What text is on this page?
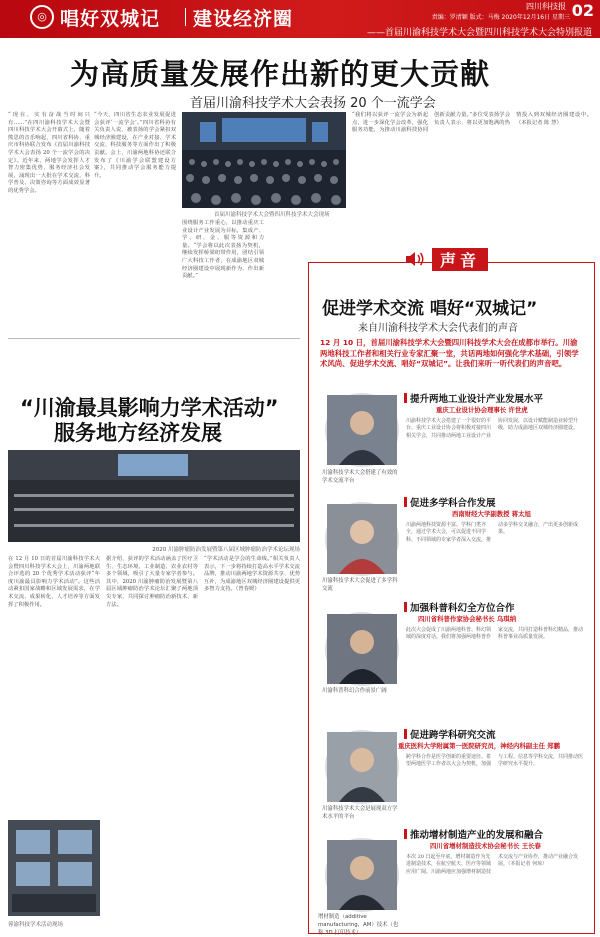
◎ 唱好双城记 建设经济圈
四川科技报 02
责编：罗清颖 版式：马梅 2020年12月16日 星期三
——首届川渝科技学术大会暨四川科技学术大会特别报道
为高质量发展作出新的更大贡献
首届川渝科技学术大会表扬 20 个一流学会
“现在，实有奋战当时间只有……”在四川渝科技学术大会暨四川科技学术大会开幕式上，随着熊思的音乐响起，四川省科协、重庆市科协联合发布《首届川渝科技学术大会表扬 20 个一流学会的决定》。近年来，两地学会发挥人才智力密集优势，服务经济社会发展，涌现出一大批在学术交流、科学普及、决策咨询等方面成效显著的优秀学会。
“今天，四川省生态农业发展促进会获评‘一流学会’。”四川省科协有关负责人说，被表扬的学会紧扣双城经济圈建设，在产业对接、学术交流、科技服务等方面作出了积极贡献。会上，川渝两地科协还联合发布了《川渝学会联盟建设方案》，共同推动学会服务能力提升。
首届川渝科技学术大会暨四川科技学术大会现场
围绕服务工作重心，以推动重庆工业设计产业发展为目标，集成产、学、研、金、服等资源和力量。“学会将以此次表扬为契机，继续发挥桥梁纽带作用，团结引领广大科技工作者，在成渝地区双城经济圈建设中展现新作为、作出新贡献。”
“我们将以获评一流学会为新起点，进一步深化学会改革，强化服务功能，为推动川渝科技协同创新贡献力量。”多位受表扬学会负责人表示，将以更加饱满的热情投入到双城经济圈建设中。（本报记者 陈 慧）
“川渝最具影响力学术活动”
服务地方经济发展
2020 川渝肿瘤防治发展暨第八届区域肿瘤防治学术论坛现场
在 12 月 10 日的首届川渝科技学术大会暨四川科技学术大会上，川渝两地联合评选的 20 个优秀学术活动获评“年度川渝最具影响力学术活动”。这些活动紧扣国家战略和区域发展需求，在学术交流、成果转化、人才培养等方面发挥了积极作用。
据介绍，获评的学术活动涵盖了医疗卫生、生态环境、工业制造、农业农村等多个领域，吸引了大量专家学者参与。其中，2020 川渝肿瘤防治发展暨第八届区域肿瘤防治学术论坛汇聚了两地顶尖专家，共同探讨肿瘤防治新技术、新方法。
“学术活动是学会的生命线。”相关负责人表示，下一步将持续打造高水平学术交流品牌，推动川渝两地学术资源共享、优势互补，为成渝地区双城经济圈建设提供更多智力支持。（曾春媛）
蓉渝科技学术活动现场
声音
促进学术交流 唱好“双城记”
来自川渝科技学术大会代表们的声音
12 月 10 日，首届川渝科技学术大会暨四川科技学术大会在成都市举行。川渝两地科技工作者和相关行业专家汇聚一堂，共话两地如何强化学术基础，引领学术风尚、促进学术交流、唱好“双城记”。让我们来听一听代表们的声音吧。
提升两地工业设计产业发展水平
重庆工业设计协会理事长 许世虎
川渝科技学术大会搭建了有效的学术交流平台
川渝科技学术大会搭建了一个很好的平台。重庆工业设计协会将积极对接四川相关学会，共同推动两地工业设计产业协同发展，以设计赋能制造业转型升级，助力成渝地区双城经济圈建设。
促进多学科合作发展
西南财经大学副教授 蒋太旭
川渝科技学术大会促进了多学科交流
川渝两地科技资源丰富、学科门类齐全，通过学术大会，可以促进不同学科、不同领域的专家学者深入交流，推动多学科交叉融合，产出更多创新成果。
加强科普科幻全方位合作
四川省科普作家协会秘书长 乌琪纳
川渝科普科幻合作前景广阔
此次大会促成了川渝两地科普、科幻领域的深度对话。我们将加强两地科普作家交流，共同打造科普科幻精品，推动科普事业高质量发展。
促进跨学科研究交流
重庆医科大学附属第一医院研究员，神经内科副主任 郑鹏
川渝科技学术大会是展现双方学术水平的平台
跨学科合作是医学创新的重要途径。希望两地医学工作者以大会为契机，加强与工程、信息等学科交流，共同推动医学研究水平提升。
推动增材制造产业的发展和融合
四川省增材制造技术协会秘书长 王长春
增材制造（additive manufacturing，AM）技术（也称 3D 打印技术）
本次 20 日起至年底，增材制造作为先进制造技术，在航空航天、医疗等领域应用广阔。川渝两地应加强增材制造技术交流与产业协作，推动产业融合发展。（本报记者 何琼）
